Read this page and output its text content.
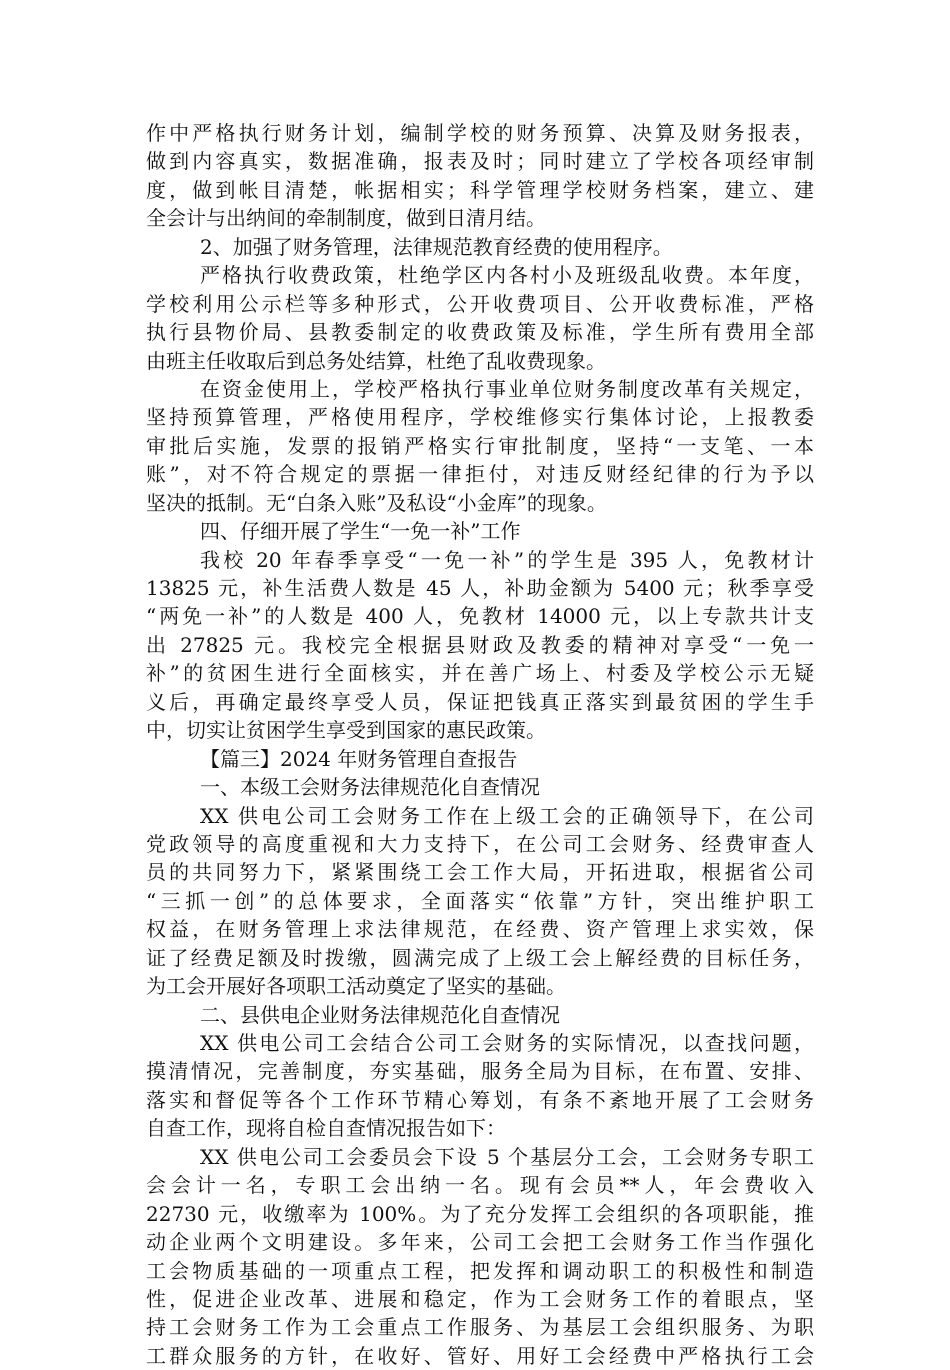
作中严格执行财务计划，编制学校的财务预算、决算及财务报表，
做到内容真实，数据准确，报表及时；同时建立了学校各项经审制
度，做到帐目清楚，帐据相实；科学管理学校财务档案，建立、建
全会计与出纳间的牵制制度，做到日清月结。
2、加强了财务管理，法律规范教育经费的使用程序。
严格执行收费政策，杜绝学区内各村小及班级乱收费。本年度，
学校利用公示栏等多种形式，公开收费项目、公开收费标准，严格
执行县物价局、县教委制定的收费政策及标准，学生所有费用全部
由班主任收取后到总务处结算，杜绝了乱收费现象。
在资金使用上，学校严格执行事业单位财务制度改革有关规定，
坚持预算管理，严格使用程序，学校维修实行集体讨论，上报教委
审批后实施，发票的报销严格实行审批制度，坚持“一支笔、一本
账”，对不符合规定的票据一律拒付，对违反财经纪律的行为予以
坚决的抵制。无“白条入账”及私设“小金库”的现象。
四、仔细开展了学生“一免一补”工作
我校 20 年春季享受“一免一补”的学生是 395 人，免教材计
13825 元，补生活费人数是 45 人，补助金额为 5400 元；秋季享受
“两免一补”的人数是 400 人，免教材 14000 元，以上专款共计支
出 27825 元。我校完全根据县财政及教委的精神对享受“一免一
补”的贫困生进行全面核实，并在善广场上、村委及学校公示无疑
义后，再确定最终享受人员，保证把钱真正落实到最贫困的学生手
中，切实让贫困学生享受到国家的惠民政策。
【篇三】2024 年财务管理自查报告
一、本级工会财务法律规范化自查情况
XX 供电公司工会财务工作在上级工会的正确领导下，在公司
党政领导的高度重视和大力支持下，在公司工会财务、经费审查人
员的共同努力下，紧紧围绕工会工作大局，开拓进取，根据省公司
“三抓一创”的总体要求，全面落实“依靠”方针，突出维护职工
权益，在财务管理上求法律规范，在经费、资产管理上求实效，保
证了经费足额及时拨缴，圆满完成了上级工会上解经费的目标任务，
为工会开展好各项职工活动奠定了坚实的基础。
二、县供电企业财务法律规范化自查情况
XX 供电公司工会结合公司工会财务的实际情况，以查找问题，
摸清情况，完善制度，夯实基础，服务全局为目标，在布置、安排、
落实和督促等各个工作环节精心筹划，有条不紊地开展了工会财务
自查工作，现将自检自查情况报告如下：
XX 供电公司工会委员会下设 5 个基层分工会，工会财务专职工
会会计一名，专职工会出纳一名。现有会员**人，年会费收入
22730 元，收缴率为 100%。为了充分发挥工会组织的各项职能，推
动企业两个文明建设。多年来，公司工会把工会财务工作当作强化
工会物质基础的一项重点工程，把发挥和调动职工的积极性和制造
性，促进企业改革、进展和稳定，作为工会财务工作的着眼点，坚
持工会财务工作为工会重点工作服务、为基层工会组织服务、为职
工群众服务的方针，在收好、管好、用好工会经费中严格执行工会
